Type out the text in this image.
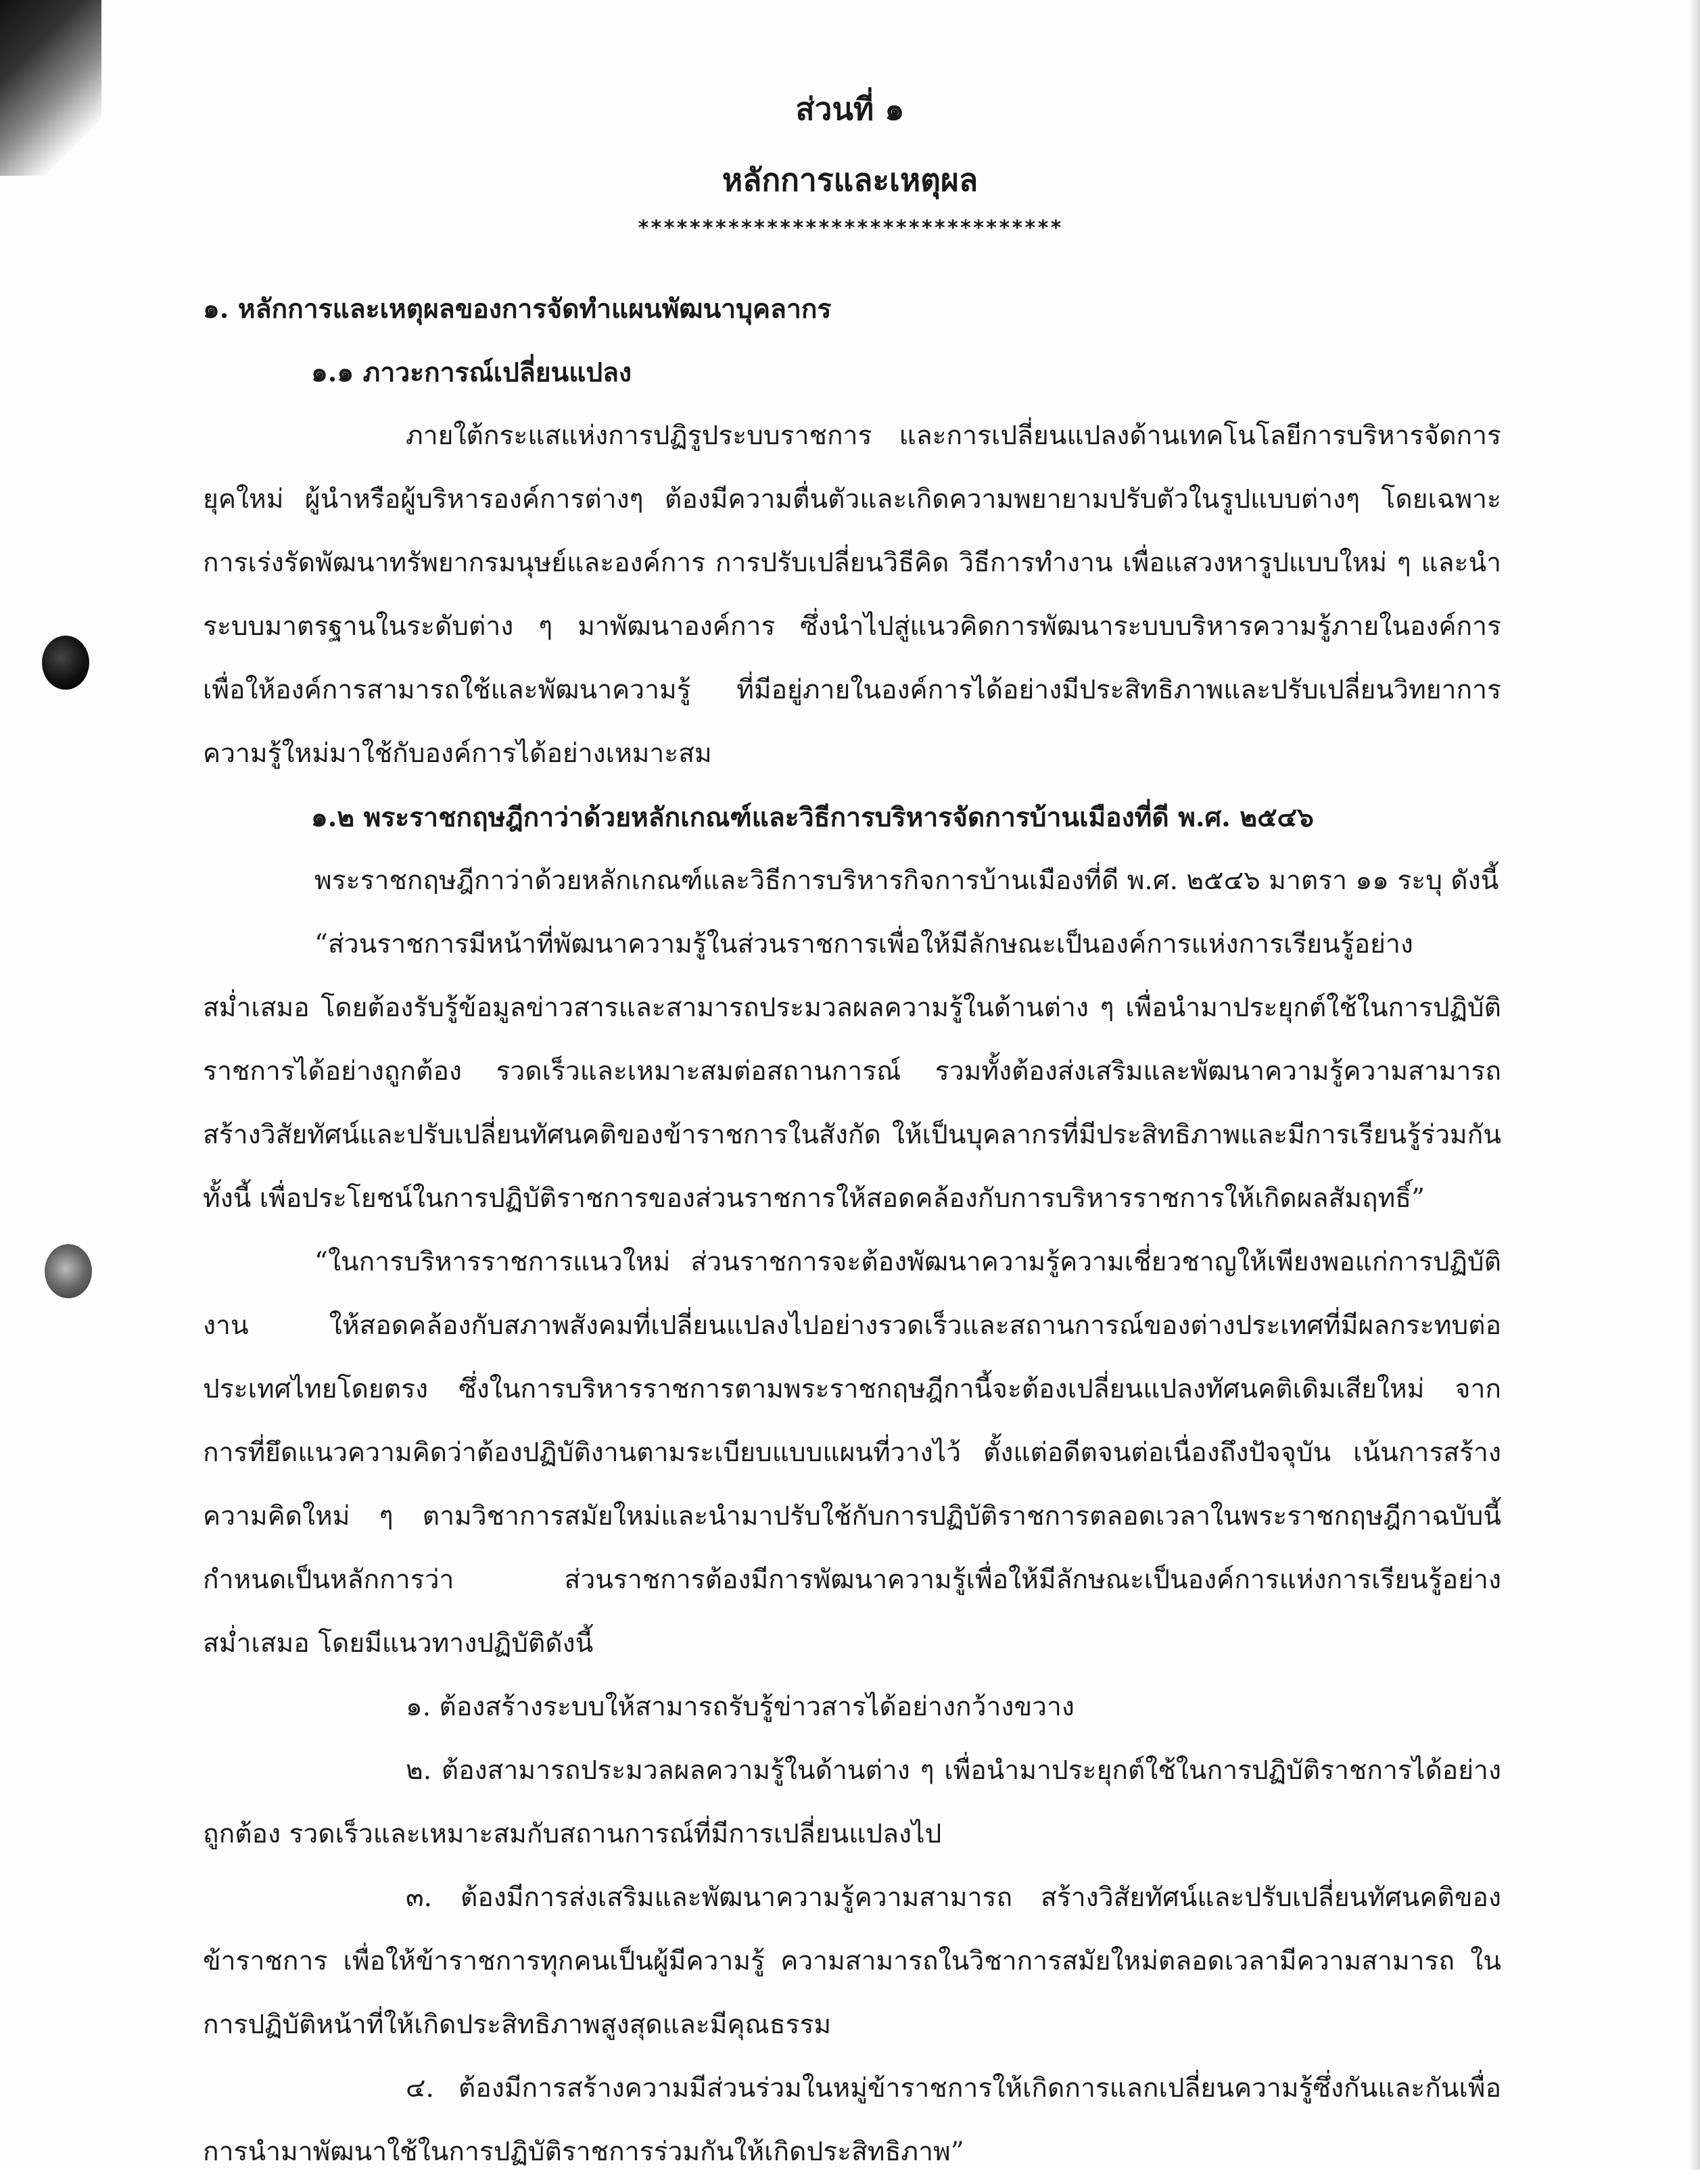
ส่วนที่ ๑
หลักการและเหตุผล
*********************************

๑. หลักการและเหตุผลของการจัดทำแผนพัฒนาบุคลากร

๑.๑ ภาวะการณ์เปลี่ยนแปลง

ภายใต้กระแสแห่งการปฏิรูประบบราชการ และการเปลี่ยนแปลงด้านเทคโนโลยีการบริหารจัดการยุคใหม่ ผู้นำหรือผู้บริหารองค์การต่างๆ ต้องมีความตื่นตัวและเกิดความพยายามปรับตัวในรูปแบบต่างๆ โดยเฉพาะการเร่งรัดพัฒนาทรัพยากรมนุษย์และองค์การ การปรับเปลี่ยนวิธีคิด วิธีการทำงาน เพื่อแสวงหารูปแบบใหม่ ๆ และนำระบบมาตรฐานในระดับต่าง ๆ มาพัฒนาองค์การ ซึ่งนำไปสู่แนวคิดการพัฒนาระบบบริหารความรู้ภายในองค์การ เพื่อให้องค์การสามารถใช้และพัฒนาความรู้ ที่มีอยู่ภายในองค์การได้อย่างมีประสิทธิภาพและปรับเปลี่ยนวิทยาการความรู้ใหม่มาใช้กับองค์การได้อย่างเหมาะสม

๑.๒ พระราชกฤษฎีกาว่าด้วยหลักเกณฑ์และวิธีการบริหารจัดการบ้านเมืองที่ดี พ.ศ. ๒๕๔๖

พระราชกฤษฎีกาว่าด้วยหลักเกณฑ์และวิธีการบริหารกิจการบ้านเมืองที่ดี พ.ศ. ๒๕๔๖ มาตรา ๑๑ ระบุ ดังนี้

“ส่วนราชการมีหน้าที่พัฒนาความรู้ในส่วนราชการเพื่อให้มีลักษณะเป็นองค์การแห่งการเรียนรู้อย่างสม่ำเสมอ โดยต้องรับรู้ข้อมูลข่าวสารและสามารถประมวลผลความรู้ในด้านต่าง ๆ เพื่อนำมาประยุกต์ใช้ในการปฏิบัติราชการได้อย่างถูกต้อง รวดเร็วและเหมาะสมต่อสถานการณ์ รวมทั้งต้องส่งเสริมและพัฒนาความรู้ความสามารถ สร้างวิสัยทัศน์และปรับเปลี่ยนทัศนคติของข้าราชการในสังกัด ให้เป็นบุคลากรที่มีประสิทธิภาพและมีการเรียนรู้ร่วมกัน ทั้งนี้ เพื่อประโยชน์ในการปฏิบัติราชการของส่วนราชการให้สอดคล้องกับการบริหารราชการให้เกิดผลสัมฤทธิ์”

“ในการบริหารราชการแนวใหม่ ส่วนราชการจะต้องพัฒนาความรู้ความเชี่ยวชาญให้เพียงพอแก่การปฏิบัติงาน ให้สอดคล้องกับสภาพสังคมที่เปลี่ยนแปลงไปอย่างรวดเร็วและสถานการณ์ของต่างประเทศที่มีผลกระทบต่อประเทศไทยโดยตรง ซึ่งในการบริหารราชการตามพระราชกฤษฎีกานี้จะต้องเปลี่ยนแปลงทัศนคติเดิมเสียใหม่ จากการที่ยึดแนวความคิดว่าต้องปฏิบัติงานตามระเบียบแบบแผนที่วางไว้ ตั้งแต่อดีตจนต่อเนื่องถึงปัจจุบัน เน้นการสร้างความคิดใหม่ ๆ ตามวิชาการสมัยใหม่และนำมาปรับใช้กับการปฏิบัติราชการตลอดเวลาในพระราชกฤษฎีกาฉบับนี้กำหนดเป็นหลักการว่า ส่วนราชการต้องมีการพัฒนาความรู้เพื่อให้มีลักษณะเป็นองค์การแห่งการเรียนรู้อย่างสม่ำเสมอ โดยมีแนวทางปฏิบัติดังนี้

๑. ต้องสร้างระบบให้สามารถรับรู้ข่าวสารได้อย่างกว้างขวาง

๒. ต้องสามารถประมวลผลความรู้ในด้านต่าง ๆ เพื่อนำมาประยุกต์ใช้ในการปฏิบัติราชการได้อย่างถูกต้อง รวดเร็วและเหมาะสมกับสถานการณ์ที่มีการเปลี่ยนแปลงไป

๓. ต้องมีการส่งเสริมและพัฒนาความรู้ความสามารถ สร้างวิสัยทัศน์และปรับเปลี่ยนทัศนคติของข้าราชการ เพื่อให้ข้าราชการทุกคนเป็นผู้มีความรู้ ความสามารถในวิชาการสมัยใหม่ตลอดเวลามีความสามารถ ในการปฏิบัติหน้าที่ให้เกิดประสิทธิภาพสูงสุดและมีคุณธรรม

๔. ต้องมีการสร้างความมีส่วนร่วมในหมู่ข้าราชการให้เกิดการแลกเปลี่ยนความรู้ซึ่งกันและกันเพื่อการนำมาพัฒนาใช้ในการปฏิบัติราชการร่วมกันให้เกิดประสิทธิภาพ”
